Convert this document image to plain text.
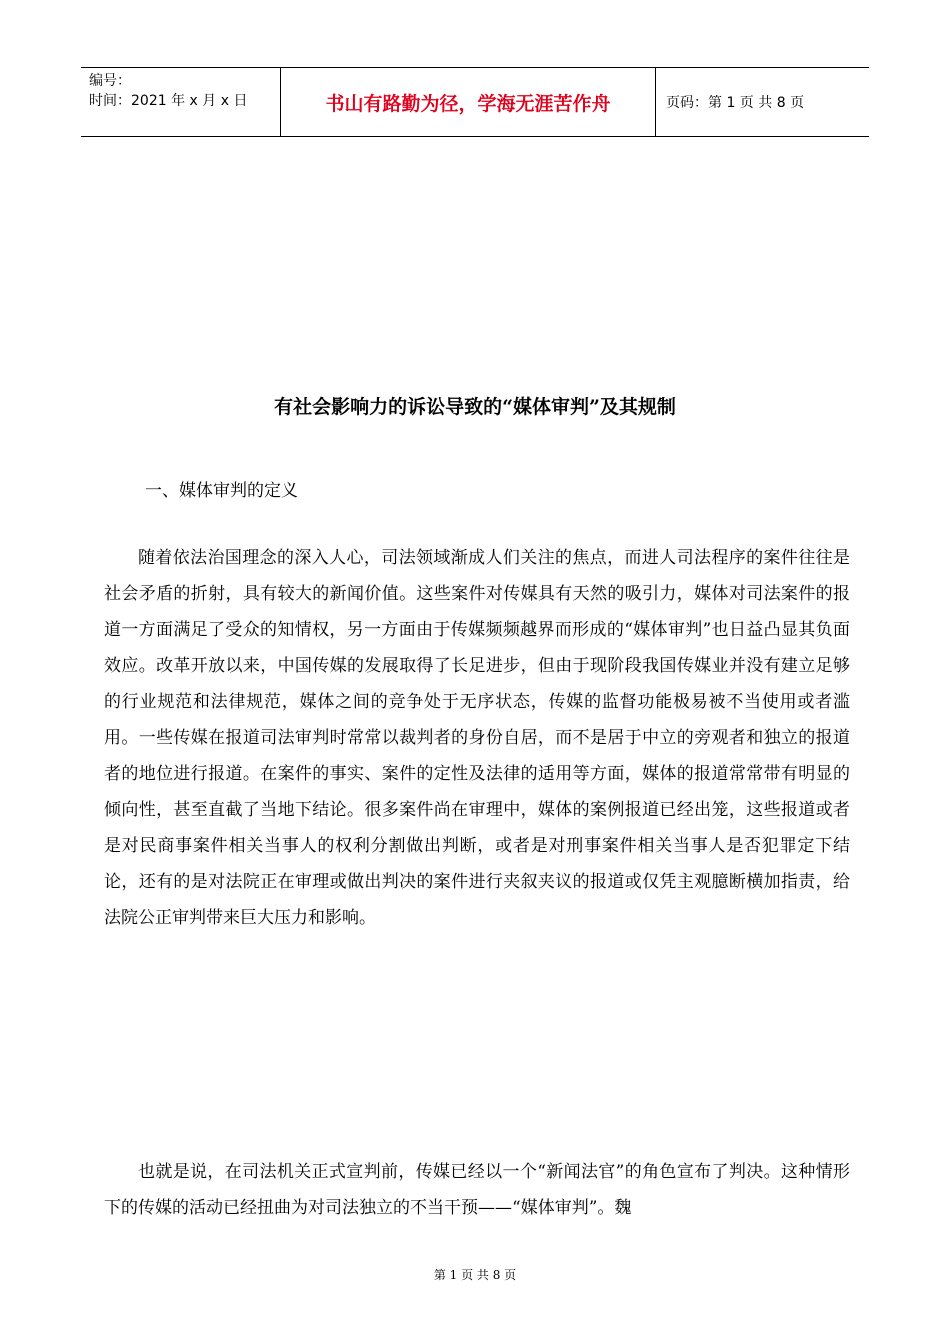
编号：
时间：2021 年 x 月 x 日	书山有路勤为径，学海无涯苦作舟	页码：第 1 页 共 8 页
有社会影响力的诉讼导致的“媒体审判”及其规制
一、媒体审判的定义

随着依法治国理念的深入人心，司法领域渐成人们关注的焦点，而进人司法程序的案件往往是社会矛盾的折射，具有较大的新闻价值。这些案件对传媒具有天然的吸引力，媒体对司法案件的报道一方面满足了受众的知情权，另一方面由于传媒频频越界而形成的“媒体审判”也日益凸显其负面效应。改革开放以来，中国传媒的发展取得了长足进步，但由于现阶段我国传媒业并没有建立足够的行业规范和法律规范，媒体之间的竞争处于无序状态，传媒的监督功能极易被不当使用或者滥用。一些传媒在报道司法审判时常常以裁判者的身份自居，而不是居于中立的旁观者和独立的报道者的地位进行报道。在案件的事实、案件的定性及法律的适用等方面，媒体的报道常常带有明显的倾向性，甚至直截了当地下结论。很多案件尚在审理中，媒体的案例报道已经出笼，这些报道或者是对民商事案件相关当事人的权利分割做出判断，或者是对刑事案件相关当事人是否犯罪定下结论，还有的是对法院正在审理或做出判决的案件进行夹叙夹议的报道或仅凭主观臆断横加指责，给法院公正审判带来巨大压力和影响。

也就是说，在司法机关正式宣判前，传媒已经以一个“新闻法官”的角色宣布了判决。这种情形下的传媒的活动已经扭曲为对司法独立的不当干预——“媒体审判”。魏

第 1 页 共 8 页
